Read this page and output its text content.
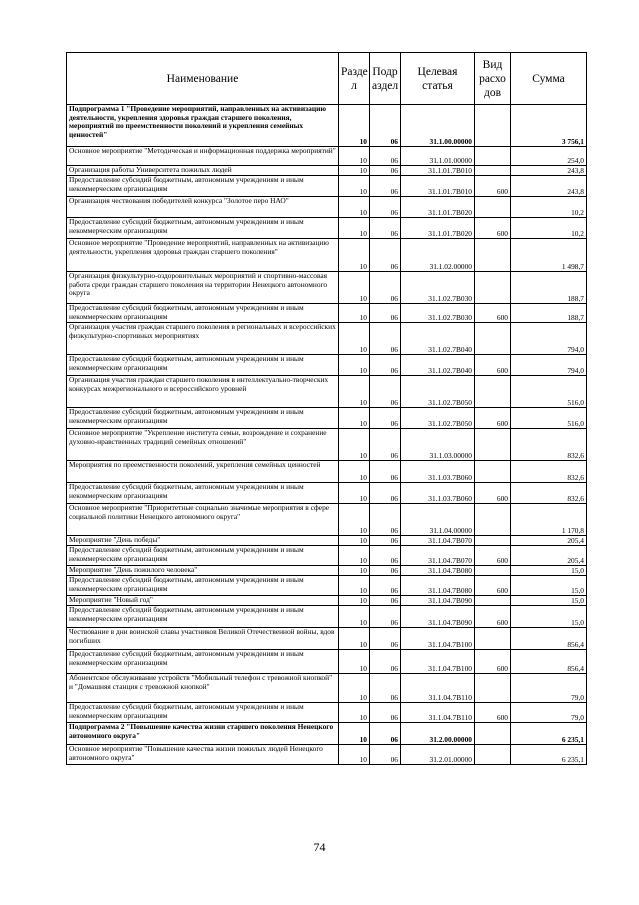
Наименование	Разде л	Подр аздел	Целевая статья	Вид расхо дов	Сумма
Подпрограмма 1 "Проведение мероприятий, направленных на активизацию деятельности, укрепления здоровья граждан старшего поколения, мероприятий по преемственности поколений и укрепления семейных ценностей"	10	06	31.1.00.00000		3 756,1
Основное мероприятие "Методическая и информационная поддержка мероприятий"	10	06	31.1.01.00000		254,0
Организация работы Университета пожилых людей	10	06	31.1.01.7В010		243,8
Предоставление субсидий бюджетным, автономным учреждениям и иным некоммерческим организациям	10	06	31.1.01.7В010	600	243,8
Организация чествования победителей конкурса "Золотое перо НАО"	10	06	31.1.01.7В020		10,2
Предоставление субсидий бюджетным, автономным учреждениям и иным некоммерческим организациям	10	06	31.1.01.7В020	600	10,2
Основное мероприятие "Проведение мероприятий, направленных на активизацию деятельности, укрепления здоровья граждан старшего поколения"	10	06	31.1.02.00000		1 498,7
Организация физкультурно-оздоровительных мероприятий и спортивно-массовая работа среди граждан старшего поколения на территории Ненецкого автономного округа	10	06	31.1.02.7В030		188,7
Предоставление субсидий бюджетным, автономным учреждениям и иным некоммерческим организациям	10	06	31.1.02.7В030	600	188,7
Организация участия граждан старшего поколения в региональных и всероссийских физкультурно-спортивных мероприятиях	10	06	31.1.02.7В040		794,0
Предоставление субсидий бюджетным, автономным учреждениям и иным некоммерческим организациям	10	06	31.1.02.7В040	600	794,0
Организация участия граждан старшего поколения в интеллектуально-творческих конкурсах межрегионального и всероссийского уровней	10	06	31.1.02.7В050		516,0
Предоставление субсидий бюджетным, автономным учреждениям и иным некоммерческим организациям	10	06	31.1.02.7В050	600	516,0
Основное мероприятие "Укрепление института семьи, возрождение и сохранение духовно-нравственных традиций семейных отношений"	10	06	31.1.03.00000		832,6
Мероприятия по преемственности поколений, укрепления семейных ценностей	10	06	31.1.03.7В060		832,6
Предоставление субсидий бюджетным, автономным учреждениям и иным некоммерческим организациям	10	06	31.1.03.7В060	600	832,6
Основное мероприятие "Приоритетные социально значимые мероприятия в сфере социальной политики Ненецкого автономного округа"	10	06	31.1.04.00000		1 170,8
Мероприятие "День победы"	10	06	31.1.04.7В070		205,4
Предоставление субсидий бюджетным, автономным учреждениям и иным некоммерческим организациям	10	06	31.1.04.7В070	600	205,4
Мероприятие "День пожилого человека"	10	06	31.1.04.7В080		15,0
Предоставление субсидий бюджетным, автономным учреждениям и иным некоммерческим организациям	10	06	31.1.04.7В080	600	15,0
Мероприятие "Новый год"	10	06	31.1.04.7В090		15,0
Предоставление субсидий бюджетным, автономным учреждениям и иным некоммерческим организациям	10	06	31.1.04.7В090	600	15,0
Чествование в дни воинской славы участников Великой Отечественной войны, вдов погибших	10	06	31.1.04.7В100		856,4
Предоставление субсидий бюджетным, автономным учреждениям и иным некоммерческим организациям	10	06	31.1.04.7В100	600	856,4
Абонентское обслуживание устройств "Мобильный телефон с тревожной кнопкой" и "Домашняя станция с тревожной кнопкой"	10	06	31.1.04.7В110		79,0
Предоставление субсидий бюджетным, автономным учреждениям и иным некоммерческим организациям	10	06	31.1.04.7В110	600	79,0
Подпрограмма 2 "Повышение качества жизни старшего поколения Ненецкого автономного округа"	10	06	31.2.00.00000		6 235,1
Основное мероприятие "Повышение качества жизни пожилых людей Ненецкого автономного округа"	10	06	31.2.01.00000		6 235,1
74
